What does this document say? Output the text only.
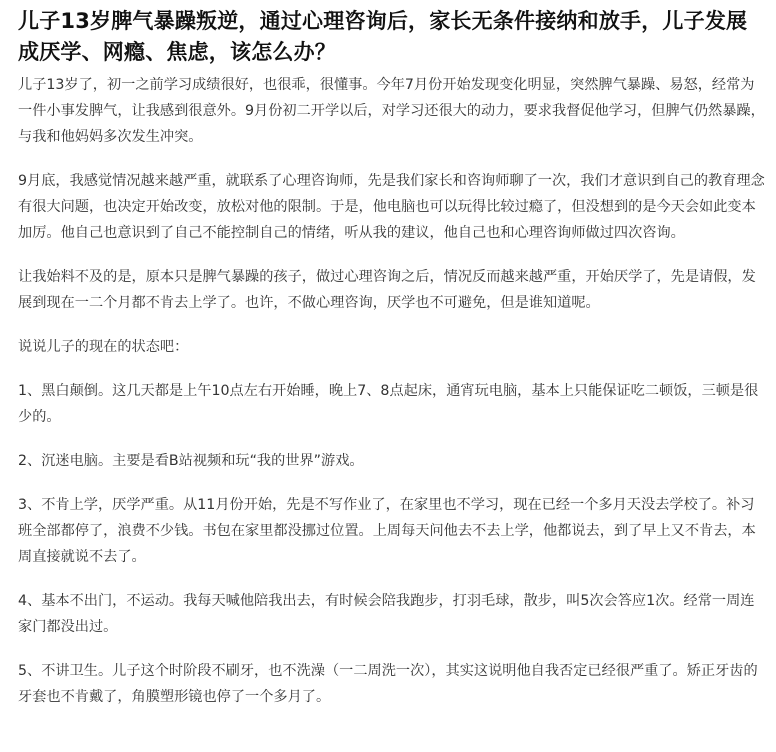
儿子13岁脾气暴躁叛逆，通过心理咨询后，家长无条件接纳和放手，儿子发展成厌学、网瘾、焦虑，该怎么办？

儿子13岁了，初一之前学习成绩很好，也很乖，很懂事。今年7月份开始发现变化明显，突然脾气暴躁、易怒，经常为一件小事发脾气，让我感到很意外。9月份初二开学以后，对学习还很大的动力，要求我督促他学习，但脾气仍然暴躁，与我和他妈妈多次发生冲突。

9月底，我感觉情况越来越严重，就联系了心理咨询师，先是我们家长和咨询师聊了一次，我们才意识到自己的教育理念有很大问题，也决定开始改变，放松对他的限制。于是，他电脑也可以玩得比较过瘾了，但没想到的是今天会如此变本加厉。他自己也意识到了自己不能控制自己的情绪，听从我的建议，他自己也和心理咨询师做过四次咨询。

让我始料不及的是，原本只是脾气暴躁的孩子，做过心理咨询之后，情况反而越来越严重，开始厌学了，先是请假，发展到现在一二个月都不肯去上学了。也许，不做心理咨询，厌学也不可避免，但是谁知道呢。

说说儿子的现在的状态吧：

1、黑白颠倒。这几天都是上午10点左右开始睡，晚上7、8点起床，通宵玩电脑，基本上只能保证吃二顿饭，三顿是很少的。

2、沉迷电脑。主要是看B站视频和玩“我的世界”游戏。

3、不肯上学，厌学严重。从11月份开始，先是不写作业了，在家里也不学习，现在已经一个多月天没去学校了。补习班全部都停了，浪费不少钱。书包在家里都没挪过位置。上周每天问他去不去上学，他都说去，到了早上又不肯去，本周直接就说不去了。

4、基本不出门，不运动。我每天喊他陪我出去，有时候会陪我跑步，打羽毛球，散步，叫5次会答应1次。经常一周连家门都没出过。

5、不讲卫生。儿子这个时阶段不刷牙，也不洗澡（一二周洗一次），其实这说明他自我否定已经很严重了。矫正牙齿的牙套也不肯戴了，角膜塑形镜也停了一个多月了。
